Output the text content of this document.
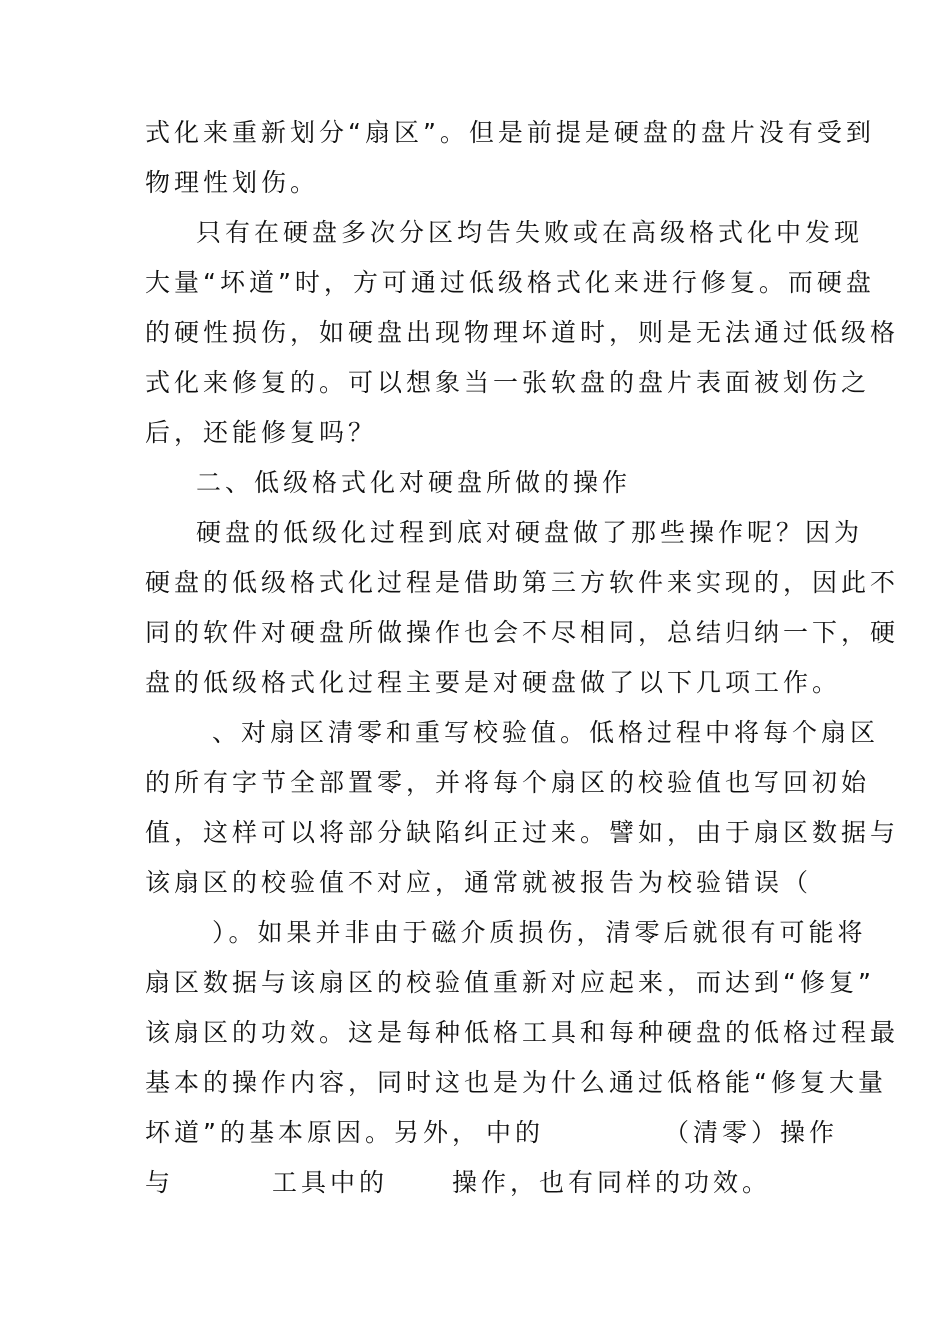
式化来重新划分“扇区”。但是前提是硬盘的盘片没有受到
物理性划伤。
只有在硬盘多次分区均告失败或在高级格式化中发现
大量“坏道”时，方可通过低级格式化来进行修复。而硬盘
的硬性损伤，如硬盘出现物理坏道时，则是无法通过低级格
式化来修复的。可以想象当一张软盘的盘片表面被划伤之
后，还能修复吗？
二、低级格式化对硬盘所做的操作
硬盘的低级化过程到底对硬盘做了那些操作呢？因为
硬盘的低级格式化过程是借助第三方软件来实现的，因此不
同的软件对硬盘所做操作也会不尽相同，总结归纳一下，硬
盘的低级格式化过程主要是对硬盘做了以下几项工作。
、对扇区清零和重写校验值。低格过程中将每个扇区
的所有字节全部置零，并将每个扇区的校验值也写回初始
值，这样可以将部分缺陷纠正过来。譬如，由于扇区数据与
该扇区的校验值不对应，通常就被报告为校验错误（
）。如果并非由于磁介质损伤，清零后就很有可能将
扇区数据与该扇区的校验值重新对应起来，而达到“修复”
该扇区的功效。这是每种低格工具和每种硬盘的低格过程最
基本的操作内容，同时这也是为什么通过低格能“修复大量
坏道”的基本原因。另外， 中的	（清零）操作
与	工具中的	操作，也有同样的功效。
